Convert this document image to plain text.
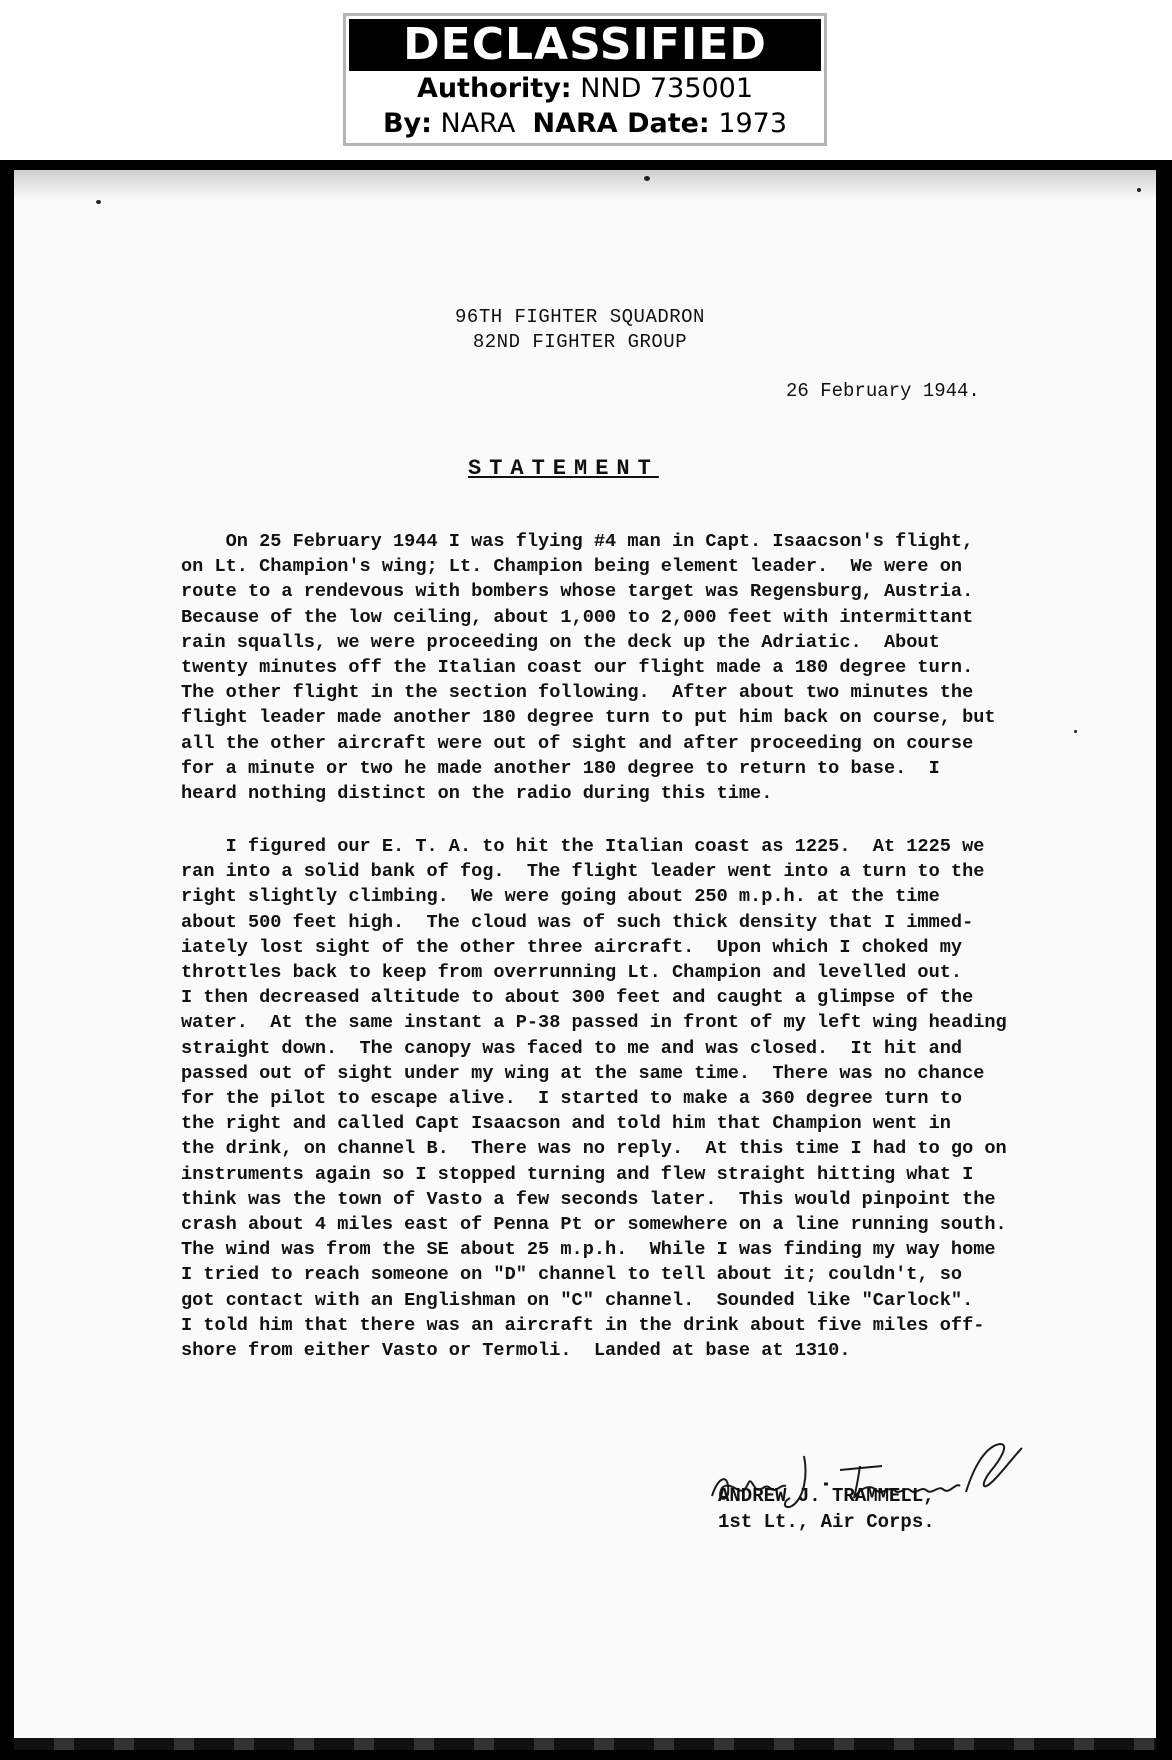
DECLASSIFIED
Authority: NND 735001
By: NARA NARA Date: 1973
96TH FIGHTER SQUADRON
82ND FIGHTER GROUP
26 February 1944.
STATEMENT
On 25 February 1944 I was flying #4 man in Capt. Isaacson's flight,
on Lt. Champion's wing; Lt. Champion being element leader.  We were on
route to a rendevous with bombers whose target was Regensburg, Austria.
Because of the low ceiling, about 1,000 to 2,000 feet with intermittant
rain squalls, we were proceeding on the deck up the Adriatic.  About
twenty minutes off the Italian coast our flight made a 180 degree turn.
The other flight in the section following.  After about two minutes the
flight leader made another 180 degree turn to put him back on course, but
all the other aircraft were out of sight and after proceeding on course
for a minute or two he made another 180 degree to return to base.  I
heard nothing distinct on the radio during this time.
I figured our E. T. A. to hit the Italian coast as 1225.  At 1225 we
ran into a solid bank of fog.  The flight leader went into a turn to the
right slightly climbing.  We were going about 250 m.p.h. at the time
about 500 feet high.  The cloud was of such thick density that I immed-
iately lost sight of the other three aircraft.  Upon which I choked my
throttles back to keep from overrunning Lt. Champion and levelled out.
I then decreased altitude to about 300 feet and caught a glimpse of the
water.  At the same instant a P-38 passed in front of my left wing heading
straight down.  The canopy was faced to me and was closed.  It hit and
passed out of sight under my wing at the same time.  There was no chance
for the pilot to escape alive.  I started to make a 360 degree turn to
the right and called Capt Isaacson and told him that Champion went in
the drink, on channel B.  There was no reply.  At this time I had to go on
instruments again so I stopped turning and flew straight hitting what I
think was the town of Vasto a few seconds later.  This would pinpoint the
crash about 4 miles east of Penna Pt or somewhere on a line running south.
The wind was from the SE about 25 m.p.h.  While I was finding my way home
I tried to reach someone on "D" channel to tell about it; couldn't, so
got contact with an Englishman on "C" channel.  Sounded like "Carlock".
I told him that there was an aircraft in the drink about five miles off-
shore from either Vasto or Termoli.  Landed at base at 1310.
ANDREW J. TRAMMELL,
1st Lt., Air Corps.
